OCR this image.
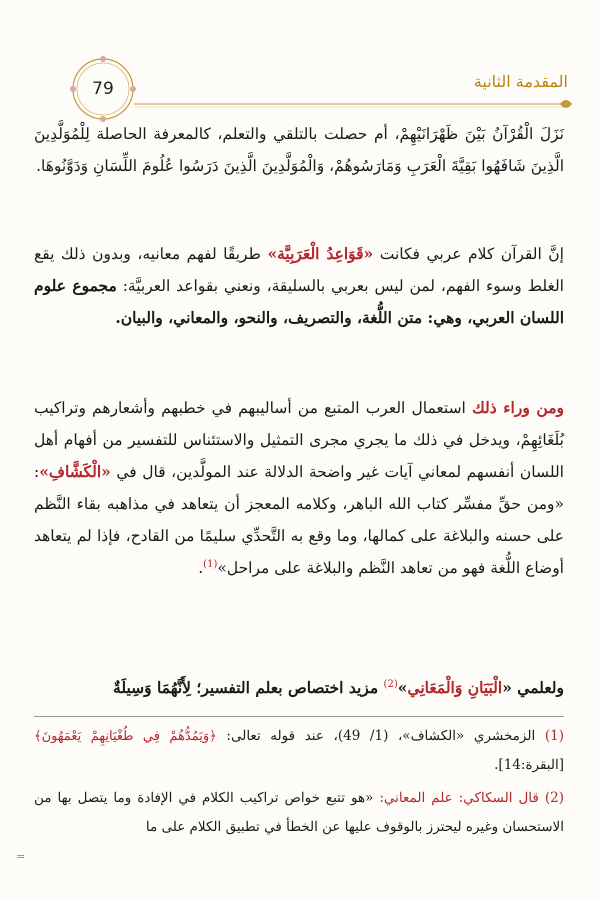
79	المقدمة الثانية
نَزَلَ الْقُرْآنُ بَيْنَ ظَهْرَانَيْهِمْ، أم حصلت بالتلقي والتعلم، كالمعرفة الحاصلة لِلْمُوَلَّدِينَ الَّذِينَ شَافَهُوا بَقِيَّةَ الْعَرَبِ وَمَارَسُوهُمْ، وَالْمُوَلَّدِينَ الَّذِينَ دَرَسُوا عُلُومَ اللِّسَانِ وَدَوَّنُوهَا.
إنَّ القرآن كلام عربي فكانت «قَوَاعِدُ الْعَرَبِيَّة» طريقًا لفهم معانيه، وبدون ذلك يقع الغلط وسوء الفهم، لمن ليس بعربي بالسليقة، ونعني بقواعد العربيَّة: مجموع علوم اللسان العربي، وهي: متن اللُّغة، والتصريف، والنحو، والمعاني، والبيان.
ومن وراء ذلك استعمال العرب المتبع من أساليبهم في خطبهم وأشعارهم وتراكيب بُلَغَائِهِمْ، ويدخل في ذلك ما يجري مجرى التمثيل والاستئناس للتفسير من أفهام أهل اللسان أنفسهم لمعاني آيات غير واضحة الدلالة عند المولَّدين، قال في «الْكَشَّافِ»: «ومن حقِّ مفسِّر كتاب الله الباهر، وكلامه المعجز أن يتعاهد في مذاهبه بقاء النَّظم على حسنه والبلاغة على كمالها، وما وقع به التَّحدِّي سليمًا من القادح، فإذا لم يتعاهد أوضاع اللُّغة فهو من تعاهد النَّظم والبلاغة على مراحل»$^{(1)}$.
ولعلمي «الْبَيَانِ وَالْمَعَانِي»$^{(2)}$ مزيد اختصاص بعلم التفسير؛ لِأَنَّهُمَا وَسِيلَةٌ
(1) الزمخشري «الكشاف»، (1/ 49)، عند قوله تعالى: ﴿وَيَمُدُّهُمْ فِي طُغْيَانِهِمْ يَعْمَهُونَ﴾ [البقرة:14].
(2) قال السكاكي: علم المعاني: «هو تتبع خواص تراكيب الكلام في الإفادة وما يتصل بها من الاستحسان وغيره ليحترز بالوقوف عليها عن الخطأ في تطبيق الكلام على ما
=
